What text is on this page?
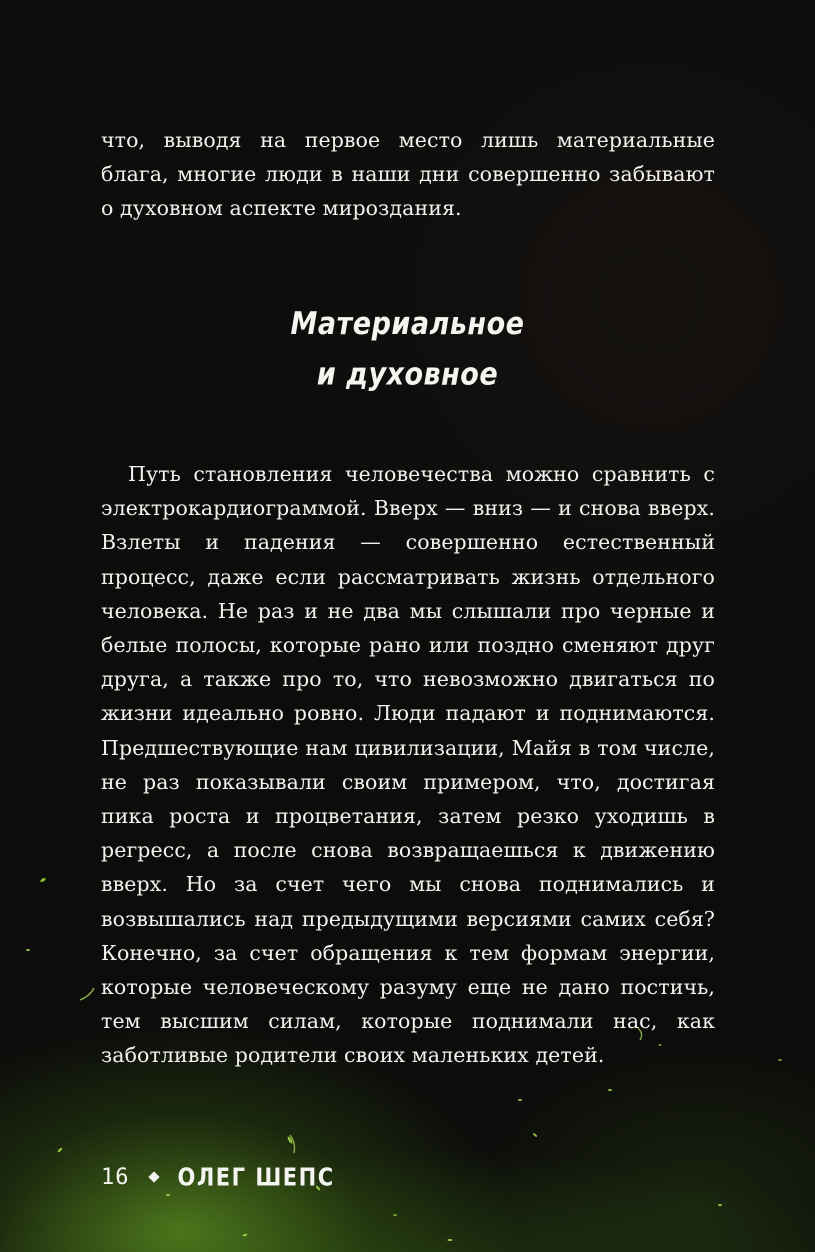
что, выводя на первое место лишь материальные блага, многие люди в наши дни совершенно забывают о духовном аспекте мироздания.

Материальное
и духовное

Путь становления человечества можно сравнить с электрокардиограммой. Вверх — вниз — и снова вверх. Взлеты и падения — совершенно естественный процесс, даже если рассматривать жизнь отдельного человека. Не раз и не два мы слышали про черные и белые полосы, которые рано или поздно сменяют друг друга, а также про то, что невозможно двигаться по жизни идеально ровно. Люди падают и поднимаются. Предшествующие нам цивилизации, Майя в том числе, не раз показывали своим примером, что, достигая пика роста и процветания, затем резко уходишь в регресс, а после снова возвращаешься к движению вверх. Но за счет чего мы снова поднимались и возвышались над предыдущими версиями самих себя? Конечно, за счет обращения к тем формам энергии, которые человеческому разуму еще не дано постичь, тем высшим силам, которые поднимали нас, как заботливые родители своих маленьких детей.

16 ОЛЕГ ШЕПС
